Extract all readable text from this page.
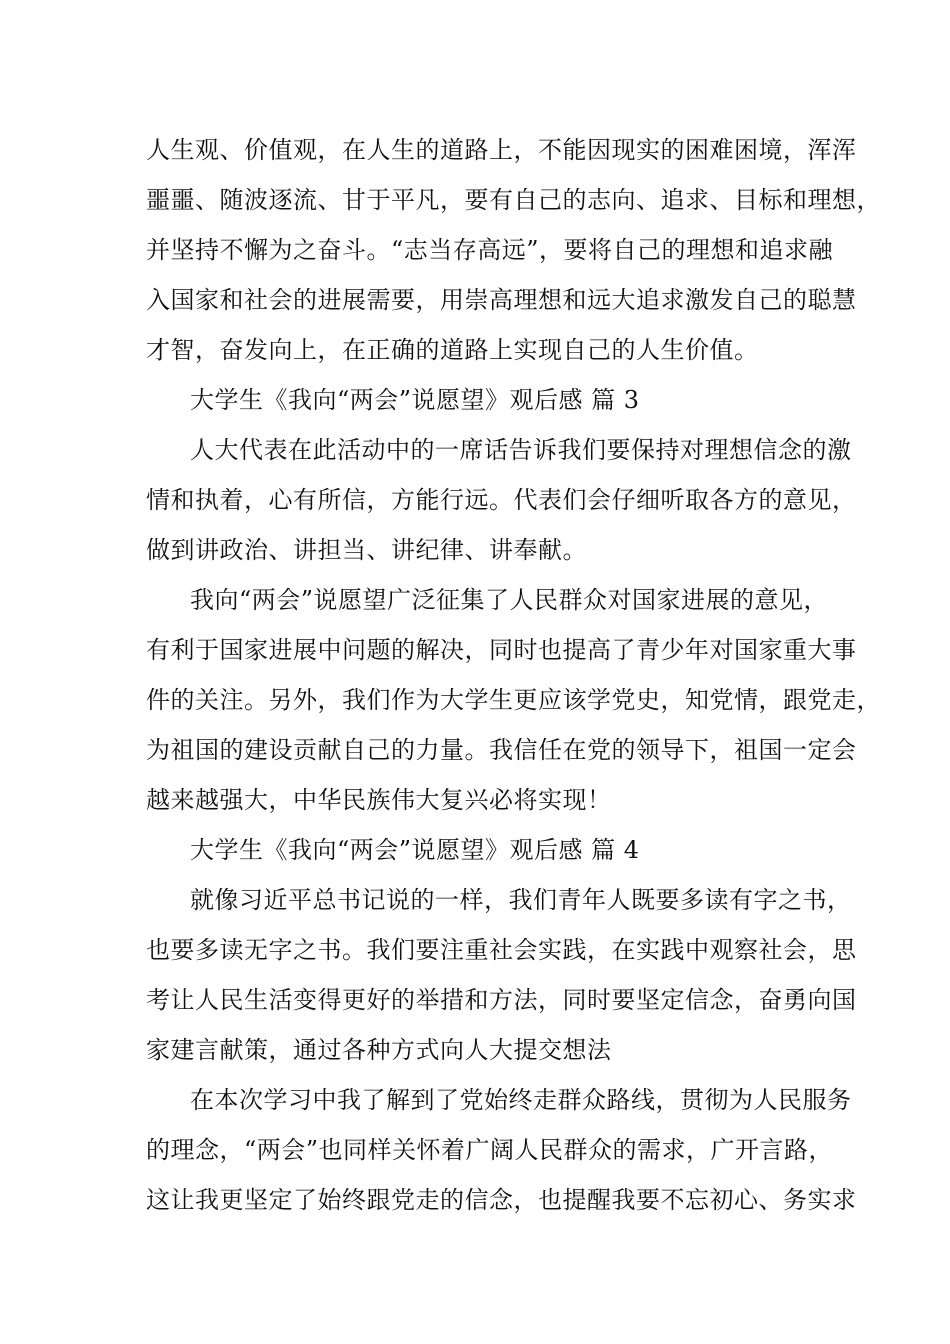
人生观、价值观，在人生的道路上，不能因现实的困难困境，浑浑
噩噩、随波逐流、甘于平凡，要有自己的志向、追求、目标和理想，
并坚持不懈为之奋斗。“志当存高远”，要将自己的理想和追求融
入国家和社会的进展需要，用崇高理想和远大追求激发自己的聪慧
才智，奋发向上，在正确的道路上实现自己的人生价值。
大学生《我向“两会”说愿望》观后感 篇 3
人大代表在此活动中的一席话告诉我们要保持对理想信念的激
情和执着，心有所信，方能行远。代表们会仔细听取各方的意见，
做到讲政治、讲担当、讲纪律、讲奉献。
我向“两会”说愿望广泛征集了人民群众对国家进展的意见，
有利于国家进展中问题的解决，同时也提高了青少年对国家重大事
件的关注。另外，我们作为大学生更应该学党史，知党情，跟党走，
为祖国的建设贡献自己的力量。我信任在党的领导下，祖国一定会
越来越强大，中华民族伟大复兴必将实现！
大学生《我向“两会”说愿望》观后感 篇 4
就像习近平总书记说的一样，我们青年人既要多读有字之书，
也要多读无字之书。我们要注重社会实践，在实践中观察社会，思
考让人民生活变得更好的举措和方法，同时要坚定信念，奋勇向国
家建言献策，通过各种方式向人大提交想法
在本次学习中我了解到了党始终走群众路线，贯彻为人民服务
的理念，“两会”也同样关怀着广阔人民群众的需求，广开言路，
这让我更坚定了始终跟党走的信念，也提醒我要不忘初心、务实求
